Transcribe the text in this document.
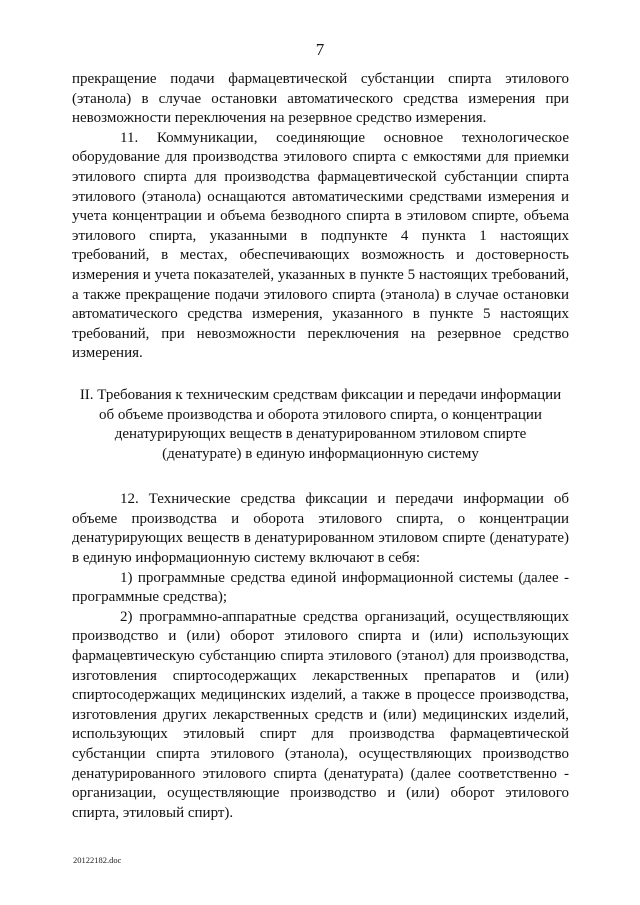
7

прекращение подачи фармацевтической субстанции спирта этилового (этанола) в случае остановки автоматического средства измерения при невозможности переключения на резервное средство измерения.

11. Коммуникации, соединяющие основное технологическое оборудование для производства этилового спирта с емкостями для приемки этилового спирта для производства фармацевтической субстанции спирта этилового (этанола) оснащаются автоматическими средствами измерения и учета концентрации и объема безводного спирта в этиловом спирте, объема этилового спирта, указанными в подпункте 4 пункта 1 настоящих требований, в местах, обеспечивающих возможность и достоверность измерения и учета показателей, указанных в пункте 5 настоящих требований, а также прекращение подачи этилового спирта (этанола) в случае остановки автоматического средства измерения, указанного в пункте 5 настоящих требований, при невозможности переключения на резервное средство измерения.

II. Требования к техническим средствам фиксации и передачи информации
об объеме производства и оборота этилового спирта, о концентрации
денатурирующих веществ в денатурированном этиловом спирте
(денатурате) в единую информационную систему

12. Технические средства фиксации и передачи информации об объеме производства и оборота этилового спирта, о концентрации денатурирующих веществ в денатурированном этиловом спирте (денатурате) в единую информационную систему включают в себя:

1) программные средства единой информационной системы (далее - программные средства);

2) программно-аппаратные средства организаций, осуществляющих производство и (или) оборот этилового спирта и (или) использующих фармацевтическую субстанцию спирта этилового (этанол) для производства, изготовления спиртосодержащих лекарственных препаратов и (или) спиртосодержащих медицинских изделий, а также в процессе производства, изготовления других лекарственных средств и (или) медицинских изделий, использующих этиловый спирт для производства фармацевтической субстанции спирта этилового (этанола), осуществляющих производство денатурированного этилового спирта (денатурата) (далее соответственно - организации, осуществляющие производство и (или) оборот этилового спирта, этиловый спирт).

20122182.doc
